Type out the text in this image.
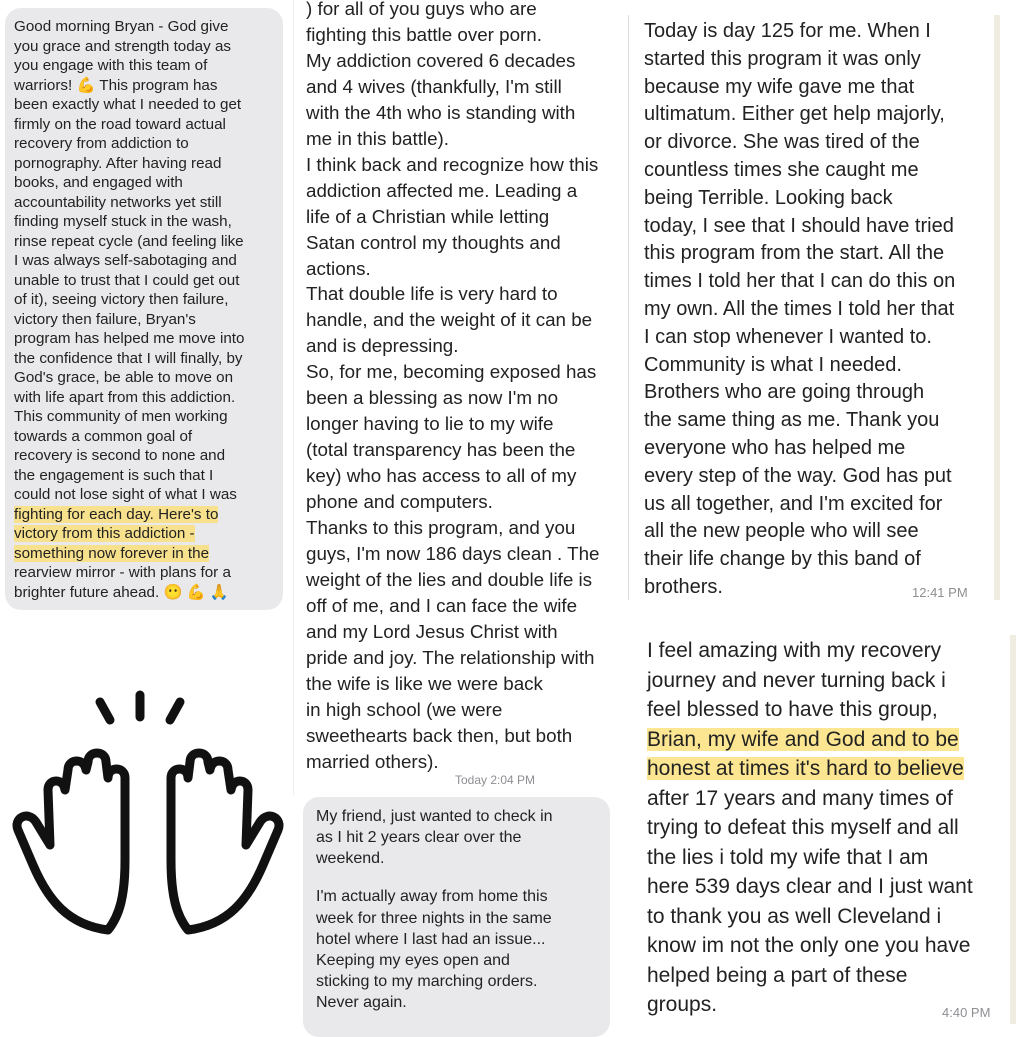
Good morning Bryan - God give
you grace and strength today as
you engage with this team of
warriors! 💪 This program has
been exactly what I needed to get
firmly on the road toward actual
recovery from addiction to
pornography. After having read
books, and engaged with
accountability networks yet still
finding myself stuck in the wash,
rinse repeat cycle (and feeling like
I was always self-sabotaging and
unable to trust that I could get out
of it), seeing victory then failure,
victory then failure, Bryan's
program has helped me move into
the confidence that I will finally, by
God's grace, be able to move on
with life apart from this addiction.
This community of men working
towards a common goal of
recovery is second to none and
the engagement is such that I
could not lose sight of what I was
fighting for each day. Here's to
victory from this addiction -
something now forever in the
rearview mirror - with plans for a
brighter future ahead. 😶 💪 🙏
) for all of you guys who are
fighting this battle over porn.
My addiction covered 6 decades
and 4 wives (thankfully, I'm still
with the 4th who is standing with
me in this battle).
I think back and recognize how this
addiction affected me. Leading a
life of a Christian while letting
Satan control my thoughts and
actions.
That double life is very hard to
handle, and the weight of it can be
and is depressing.
So, for me, becoming exposed has
been a blessing as now I'm no
longer having to lie to my wife
(total transparency has been the
key) who has access to all of my
phone and computers.
Thanks to this program, and you
guys, I'm now 186 days clean . The
weight of the lies and double life is
off of me, and I can face the wife
and my Lord Jesus Christ with
pride and joy. The relationship with
the wife is like we were back
in high school (we were
sweethearts back then, but both
married others).
Today 2:04 PM
Today is day 125 for me. When I
started this program it was only
because my wife gave me that
ultimatum. Either get help majorly,
or divorce. She was tired of the
countless times she caught me
being Terrible. Looking back
today, I see that I should have tried
this program from the start. All the
times I told her that I can do this on
my own. All the times I told her that
I can stop whenever I wanted to.
Community is what I needed.
Brothers who are going through
the same thing as me. Thank you
everyone who has helped me
every step of the way. God has put
us all together, and I'm excited for
all the new people who will see
their life change by this band of
brothers.	12:41 PM
I feel amazing with my recovery
journey and never turning back i
feel blessed to have this group,
Brian, my wife and God and to be
honest at times it's hard to believe
after 17 years and many times of
trying to defeat this myself and all
the lies i told my wife that I am
here 539 days clear and I just want
to thank you as well Cleveland i
know im not the only one you have
helped being a part of these
groups.	4:40 PM
My friend, just wanted to check in
as I hit 2 years clear over the
weekend.
I'm actually away from home this
week for three nights in the same
hotel where I last had an issue...
Keeping my eyes open and
sticking to my marching orders.
Never again.
